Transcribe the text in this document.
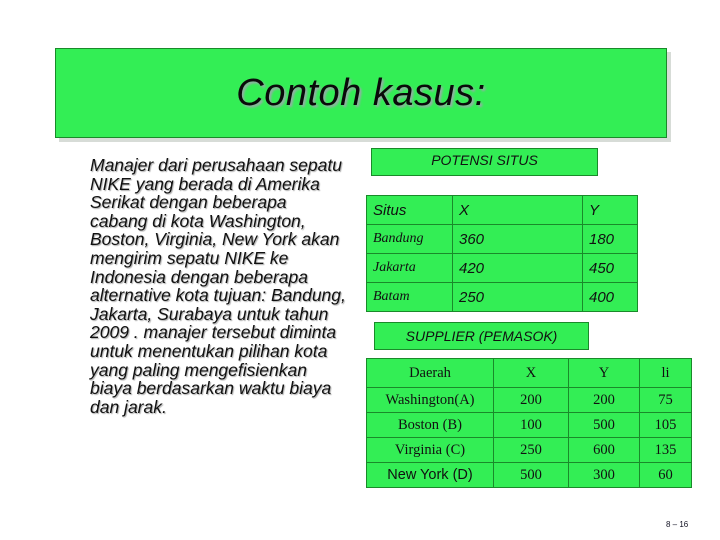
Contoh kasus:
Manajer dari perusahaan sepatu NIKE yang berada di Amerika Serikat dengan beberapa cabang di kota Washington, Boston, Virginia, New York akan mengirim sepatu NIKE ke Indonesia dengan beberapa alternative kota tujuan: Bandung, Jakarta, Surabaya untuk tahun 2009 . manajer tersebut diminta untuk menentukan pilihan kota yang paling mengefisienkan biaya berdasarkan waktu biaya dan jarak.
POTENSI SITUS
Situs	X	Y
Bandung	360	180
Jakarta	420	450
Batam	250	400
SUPPLIER (PEMASOK)
Daerah	X	Y	li
Washington(A)	200	200	75
Boston (B)	100	500	105
Virginia (C)	250	600	135
New York (D)	500	300	60
8 – 16
